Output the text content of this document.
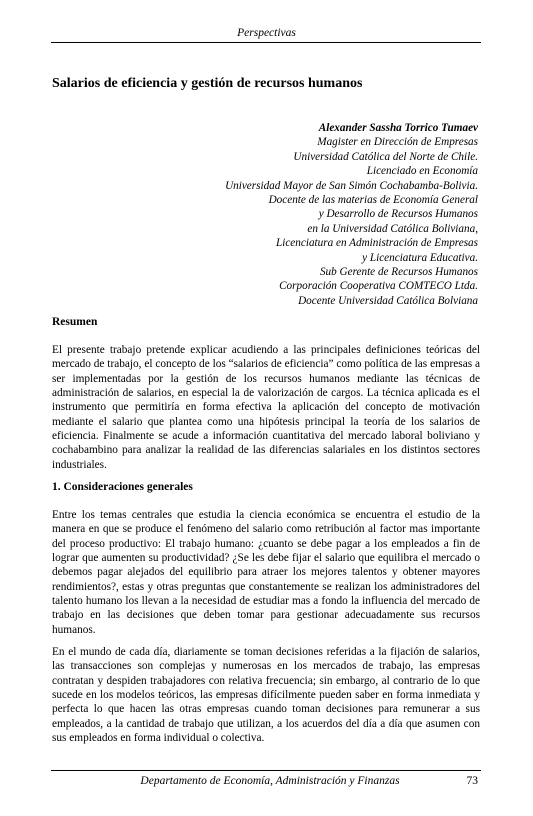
Perspectivas
Salarios de eficiencia y gestión de recursos humanos
Alexander Sassha Torrico Tumaev
Magister en Dirección de Empresas
Universidad Católica del Norte de Chile.
Licenciado en Economía
Universidad Mayor de San Simón Cochabamba-Bolivia.
Docente de las materias de Economía General
y Desarrollo de Recursos Humanos
en la Universidad Católica Boliviana,
Licenciatura en Administración de Empresas
y Licenciatura Educativa.
Sub Gerente de Recursos Humanos
Corporación Cooperativa COMTECO Ltda.
Docente Universidad Católica Bolviana
Resumen
El presente trabajo pretende explicar acudiendo a las principales definiciones teóricas del mercado de trabajo, el concepto de los “salarios de eficiencia” como política de las empresas a ser implementadas por la gestión de los recursos humanos mediante las técnicas de administración de salarios, en especial la de valorización de cargos. La técnica aplicada es el instrumento que permitiría en forma efectiva la aplicación del concepto de motivación mediante el salario que plantea como una hipótesis principal la teoría de los salarios de eficiencia. Finalmente se acude a información cuantitativa del mercado laboral boliviano y cochabambino para analizar la realidad de las diferencias salariales en los distintos sectores industriales.
1. Consideraciones generales
Entre los temas centrales que estudia la ciencia económica se encuentra el estudio de la manera en que se produce el fenómeno del salario como retribución al factor mas importante del proceso productivo: El trabajo humano: ¿cuanto se debe pagar a los empleados a fin de lograr que aumenten su productividad? ¿Se les debe fijar el salario que equilibra el mercado o debemos pagar alejados del equilibrio para atraer los mejores talentos y obtener mayores rendimientos?, estas y otras preguntas que constantemente se realizan los administradores del talento humano los llevan a la necesidad de estudiar mas a fondo la influencia del mercado de trabajo en las decisiones que deben tomar para gestionar adecuadamente sus recursos humanos.
En el mundo de cada día, diariamente se toman decisiones referidas a la fijación de salarios, las transacciones son complejas y numerosas en los mercados de trabajo, las empresas contratan y despiden trabajadores con relativa frecuencia; sin embargo, al contrario de lo que sucede en los modelos teóricos, las empresas difícilmente pueden saber en forma inmediata y perfecta lo que hacen las otras empresas cuando toman decisiones para remunerar a sus empleados, a la cantidad de trabajo que utilizan, a los acuerdos del día a día que asumen con sus empleados en forma individual o colectiva.
Departamento de Economía, Administración y Finanzas	73
